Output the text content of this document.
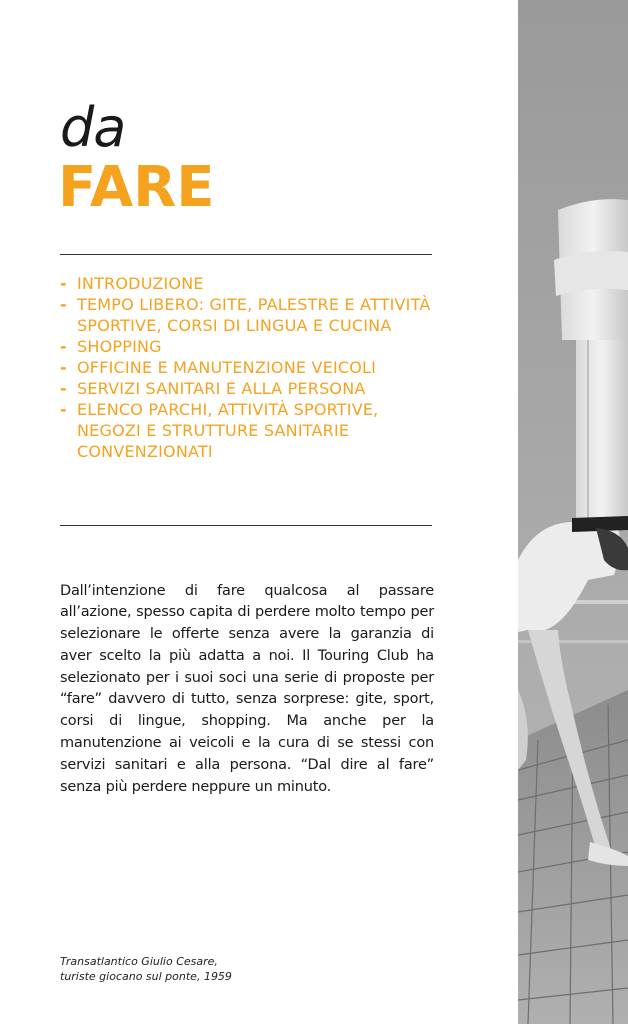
da
FARE
- INTRODUZIONE
- TEMPO LIBERO: GITE, PALESTRE E ATTIVITÀ SPORTIVE, CORSI DI LINGUA E CUCINA
- SHOPPING
- OFFICINE E MANUTENZIONE VEICOLI
- SERVIZI SANITARI E ALLA PERSONA
- ELENCO PARCHI, ATTIVITÀ SPORTIVE, NEGOZI E STRUTTURE SANITARIE CONVENZIONATI

Dall’intenzione di fare qualcosa al passare all’azione, spesso capita di perdere molto tempo per selezionare le offerte senza avere la garanzia di aver scelto la più adatta a noi. Il Touring Club ha selezionato per i suoi soci una serie di proposte per “fare” davvero di tutto, senza sorprese: gite, sport, corsi di lingue, shopping. Ma anche per la manutenzione ai veicoli e la cura di se stessi con servizi sanitari e alla persona. “Dal dire al fare” senza più perdere neppure un minuto.

Transatlantico Giulio Cesare,
turiste giocano sul ponte, 1959
